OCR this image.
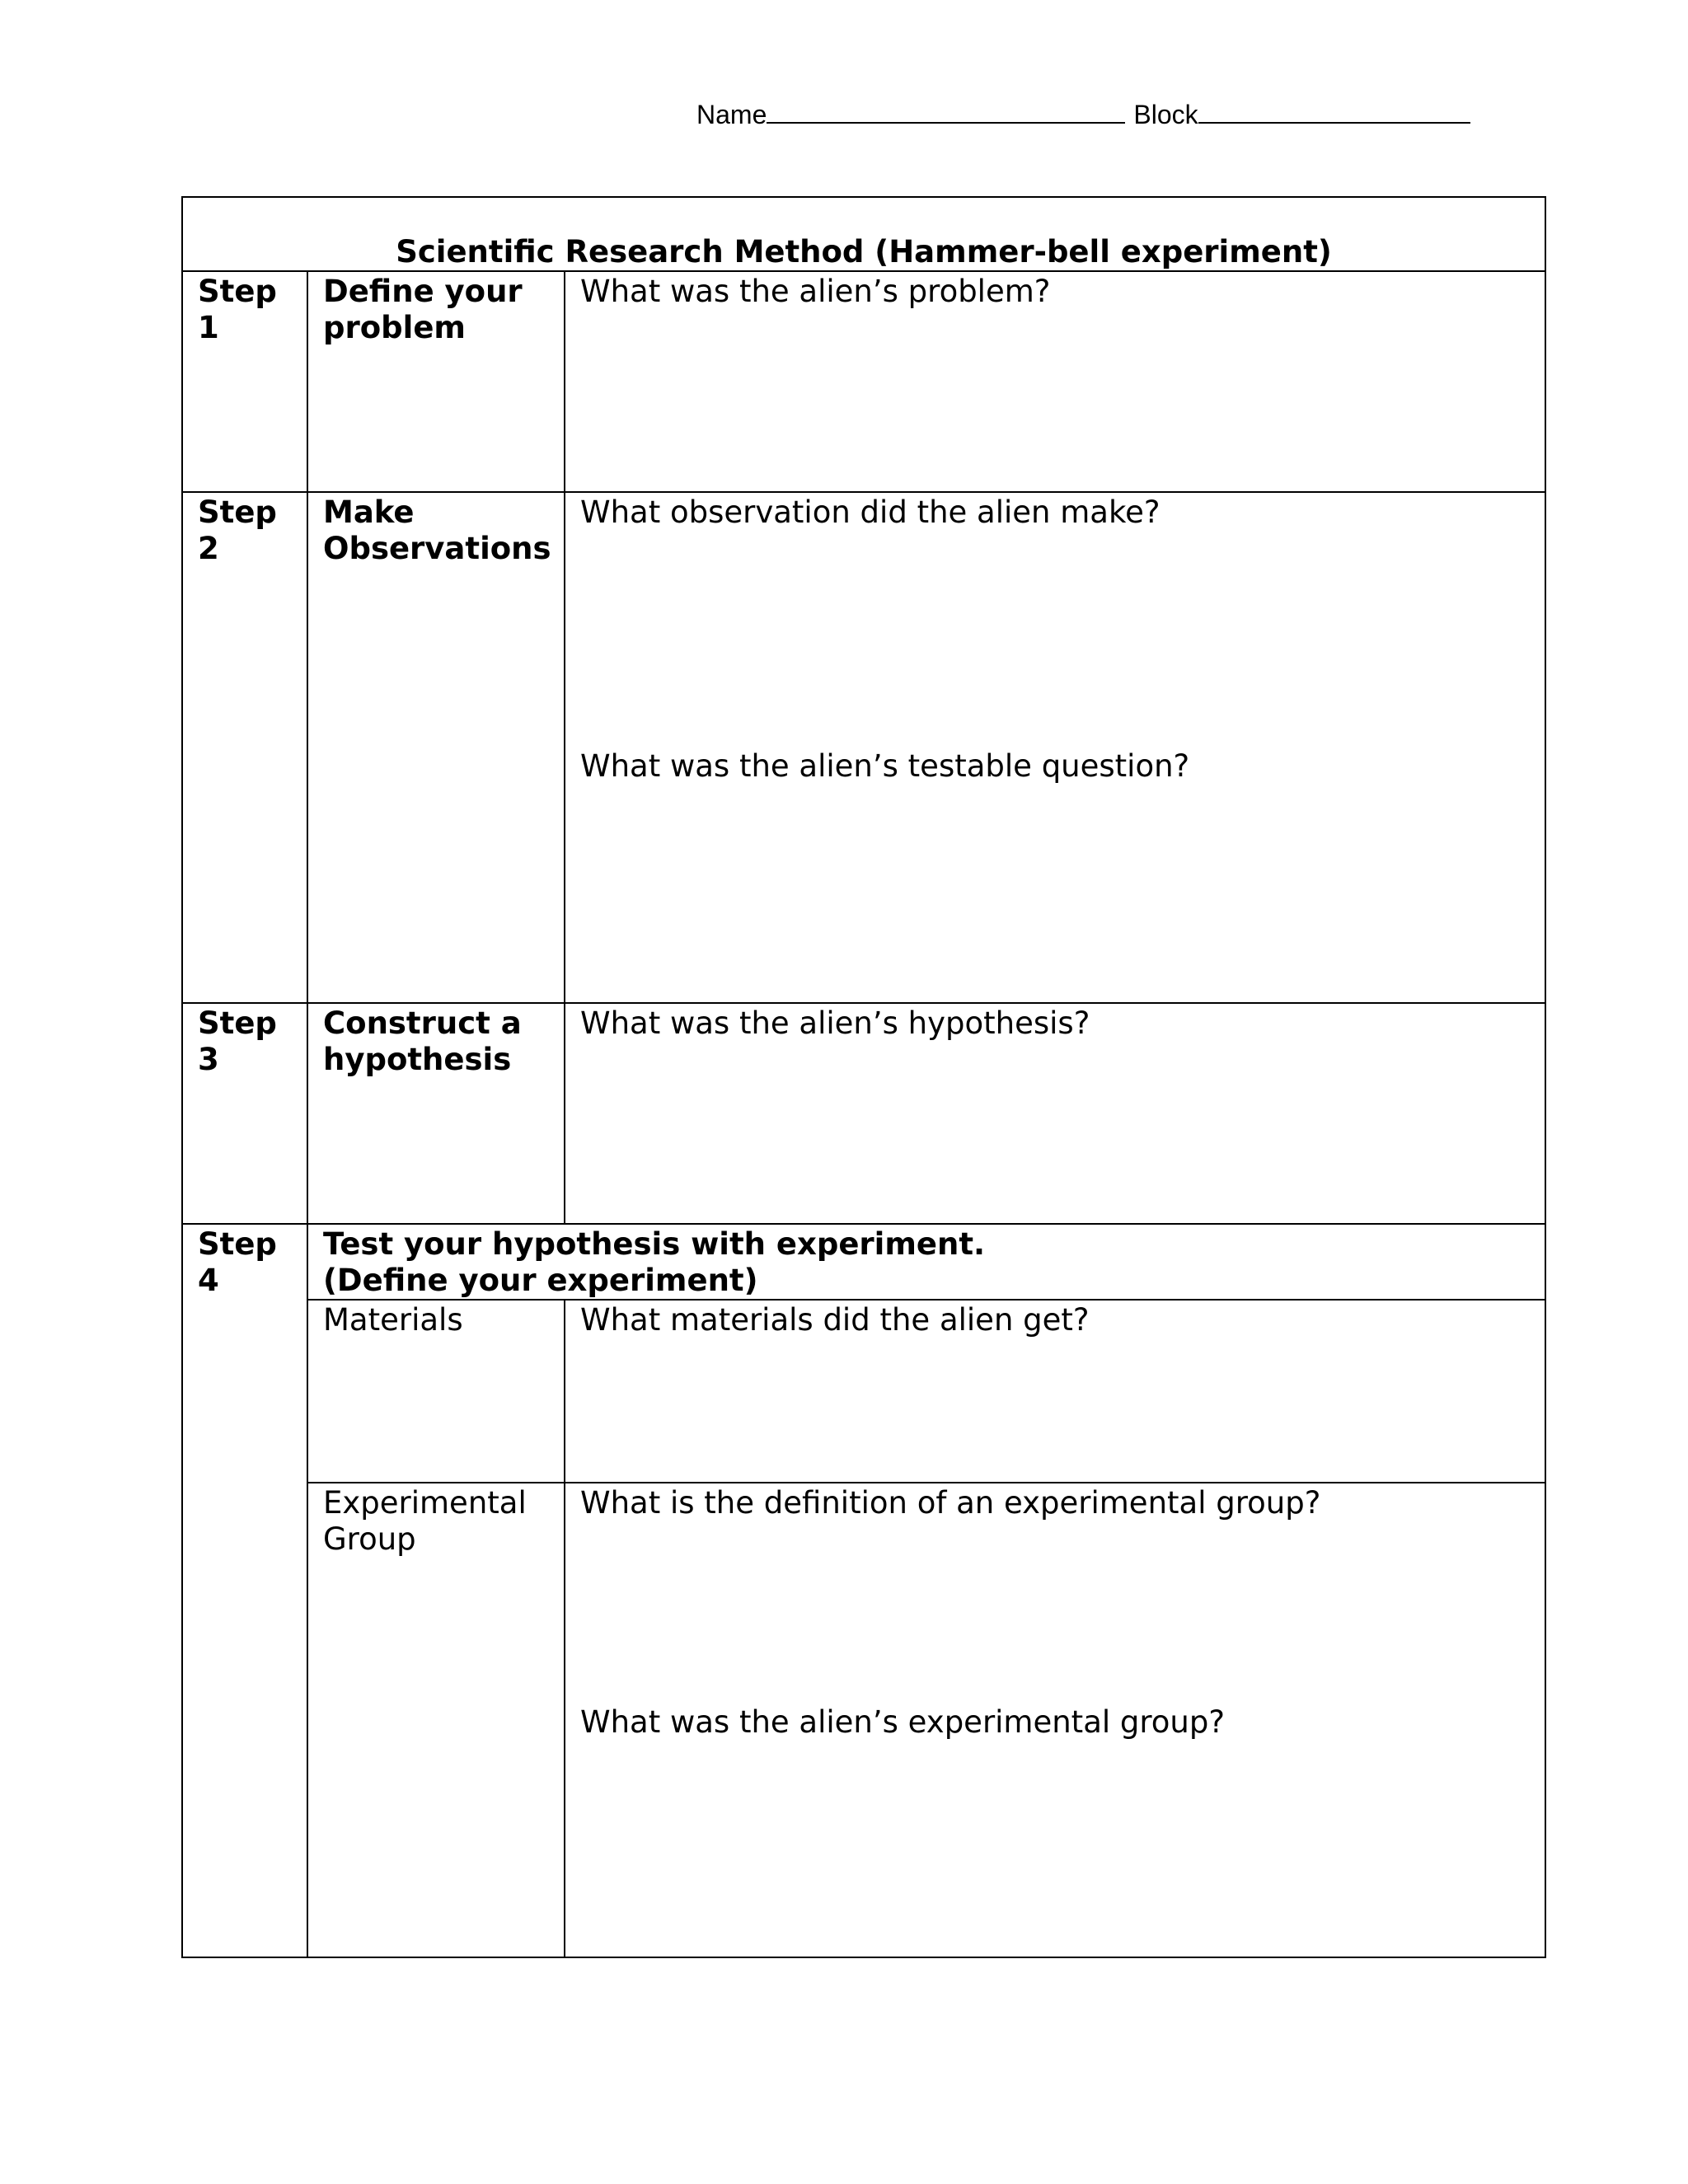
Name	Block
Scientific Research Method (Hammer-bell experiment)		
Step 1	Define your problem	What was the alien’s problem?
Step 2	Make Observations	What observation did the alien make?
What was the alien’s testable question?

Step 3	Construct a hypothesis	What was the alien’s hypothesis?
Step 4	Test your hypothesis with experiment.
(Define your experiment)	

	Materials	What materials did the alien get?
	Experimental Group	What is the definition of an experimental group?
What was the alien’s experimental group?
